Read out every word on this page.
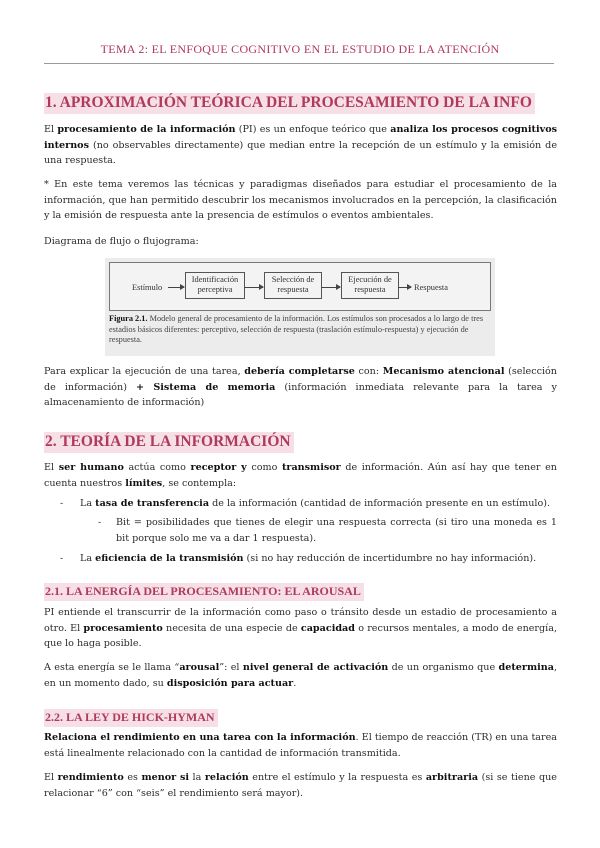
TEMA 2: EL ENFOQUE COGNITIVO EN EL ESTUDIO DE LA ATENCIÓN
1. APROXIMACIÓN TEÓRICA DEL PROCESAMIENTO DE LA INFO

El procesamiento de la información (PI) es un enfoque teórico que analiza los procesos cognitivos internos (no observables directamente) que median entre la recepción de un estímulo y la emisión de una respuesta.

* En este tema veremos las técnicas y paradigmas diseñados para estudiar el procesamiento de la información, que han permitido descubrir los mecanismos involucrados en la percepción, la clasificación y la emisión de respuesta ante la presencia de estímulos o eventos ambientales.

Diagrama de flujo o flujograma:

Estímulo
Identificación
perceptiva
Selección de
respuesta
Ejecución de
respuesta	Respuesta
Figura 2.1. Modelo general de procesamiento de la información. Los estímulos son procesados a lo largo de tres estadios básicos diferentes: perceptivo, selección de respuesta (traslación estímulo-respuesta) y ejecución de respuesta.

Para explicar la ejecución de una tarea, debería completarse con: Mecanismo atencional (selección de información) + Sistema de memoria (información inmediata relevante para la tarea y almacenamiento de información)

2. TEORÍA DE LA INFORMACIÓN

El ser humano actúa como receptor y como transmisor de información. Aún así hay que tener en cuenta nuestros límites, se contempla:

- La tasa de transferencia de la información (cantidad de información presente en un estímulo).
- Bit = posibilidades que tienes de elegir una respuesta correcta (si tiro una moneda es 1 bit porque solo me va a dar 1 respuesta).
- La eficiencia de la transmisión (si no hay reducción de incertidumbre no hay información).
2.1. LA ENERGÍA DEL PROCESAMIENTO: EL AROUSAL

PI entiende el transcurrir de la información como paso o tránsito desde un estadio de procesamiento a otro. El procesamiento necesita de una especie de capacidad o recursos mentales, a modo de energía, que lo haga posible.

A esta energía se le llama “arousal”: el nivel general de activación de un organismo que determina, en un momento dado, su disposición para actuar.

2.2. LA LEY DE HICK-HYMAN

Relaciona el rendimiento en una tarea con la información. El tiempo de reacción (TR) en una tarea está linealmente relacionado con la cantidad de información transmitida.

El rendimiento es menor si la relación entre el estímulo y la respuesta es arbitraria (si se tiene que relacionar “6” con “seis” el rendimiento será mayor).
